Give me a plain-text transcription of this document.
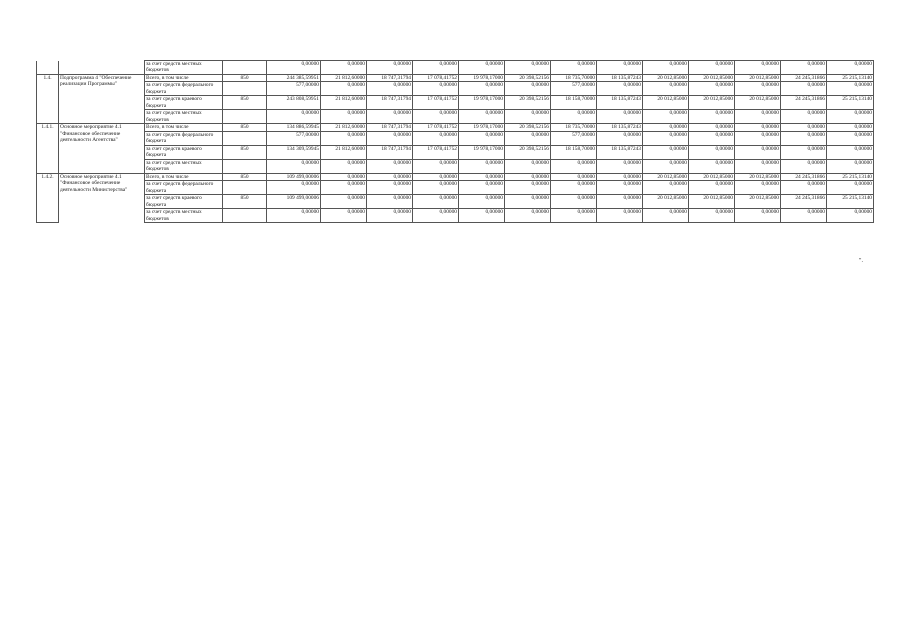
		за счет средств местных бюджетов		0,00000	0,00000	0,00000	0,00000	0,00000	0,00000	0,00000	0,00000	0,00000	0,00000	0,00000	0,00000	0,00000
1.4.	Подпрограмма 4 "Обеспечение реализации Программы"	Всего, в том числе	850	244 385,59951	21 812,60000	18 747,31794	17 078,41752	19 978,17000	20 398,52156	18 735,70000	18 135,87243	20 012,85000	20 012,85000	20 012,85000	24 245,31866	25 215,13140
		за счет средств федерального бюджета		577,00000	0,00000	0,00000	0,00000	0,00000	0,00000	577,00000	0,00000	0,00000	0,00000	0,00000	0,00000	0,00000
		за счет средств краевого бюджета	850	243 808,59951	21 812,60000	18 747,31794	17 078,41752	19 978,17000	20 398,52156	18 158,70000	18 135,87243	20 012,85000	20 012,85000	20 012,85000	24 245,31866	25 215,13140
		за счет средств местных бюджетов		0,00000	0,00000	0,00000	0,00000	0,00000	0,00000	0,00000	0,00000	0,00000	0,00000	0,00000	0,00000	0,00000
1.4.1.	Основное мероприятие 4.1 "Финансовое обеспечение деятельности Агентства"	Всего, в том числе	850	134 886,59945	21 812,60000	18 747,31794	17 078,41752	19 978,17000	20 398,52156	18 735,70000	18 135,87243	0,00000	0,00000	0,00000	0,00000	0,00000
		за счет средств федерального бюджета		577,00000	0,00000	0,00000	0,00000	0,00000	0,00000	577,00000	0,00000	0,00000	0,00000	0,00000	0,00000	0,00000
		за счет средств краевого бюджета	850	134 309,59945	21 812,60000	18 747,31794	17 078,41752	19 978,17000	20 398,52156	18 158,70000	18 135,87243	0,00000	0,00000	0,00000	0,00000	0,00000
		за счет средств местных бюджетов		0,00000	0,00000	0,00000	0,00000	0,00000	0,00000	0,00000	0,00000	0,00000	0,00000	0,00000	0,00000	0,00000
1.4.2.	Основное мероприятие 4.1 "Финансовое обеспечение деятельности Министерства"	Всего, в том числе	850	109 499,00006	0,00000	0,00000	0,00000	0,00000	0,00000	0,00000	0,00000	20 012,85000	20 012,85000	20 012,85000	24 245,31866	25 215,13140
		за счет средств федерального бюджета		0,00000	0,00000	0,00000	0,00000	0,00000	0,00000	0,00000	0,00000	0,00000	0,00000	0,00000	0,00000	0,00000
		за счет средств краевого бюджета	850	109 499,00006	0,00000	0,00000	0,00000	0,00000	0,00000	0,00000	0,00000	20 012,85000	20 012,85000	20 012,85000	24 245,31866	25 215,13140
		за счет средств местных бюджетов		0,00000	0,00000	0,00000	0,00000	0,00000	0,00000	0,00000	0,00000	0,00000	0,00000	0,00000	0,00000	0,00000
".
